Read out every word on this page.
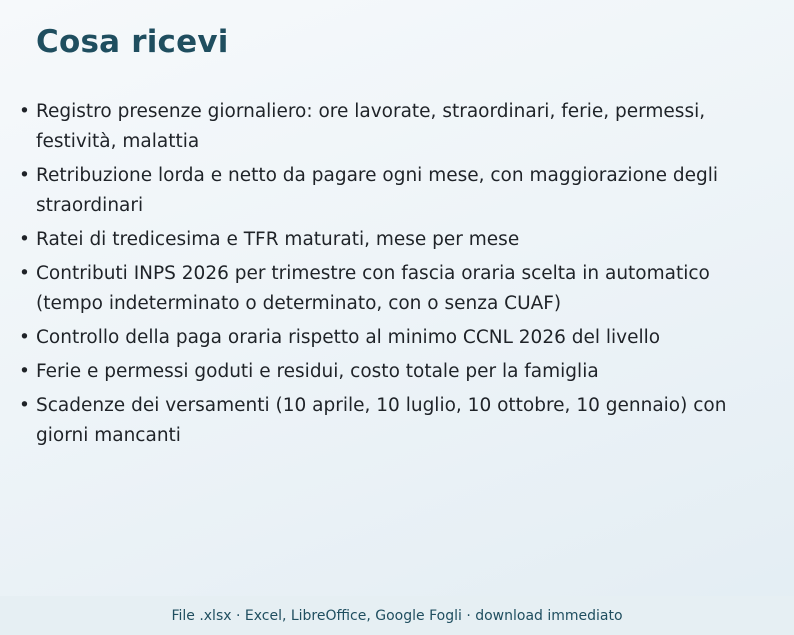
Cosa ricevi
• Registro presenze giornaliero: ore lavorate, straordinari, ferie, permessi, festività, malattia
• Retribuzione lorda e netto da pagare ogni mese, con maggiorazione degli straordinari
• Ratei di tredicesima e TFR maturati, mese per mese
• Contributi INPS 2026 per trimestre con fascia oraria scelta in automatico (tempo indeterminato o determinato, con o senza CUAF)
• Controllo della paga oraria rispetto al minimo CCNL 2026 del livello
• Ferie e permessi goduti e residui, costo totale per la famiglia
• Scadenze dei versamenti (10 aprile, 10 luglio, 10 ottobre, 10 gennaio) con giorni mancanti
File .xlsx · Excel, LibreOffice, Google Fogli · download immediato
